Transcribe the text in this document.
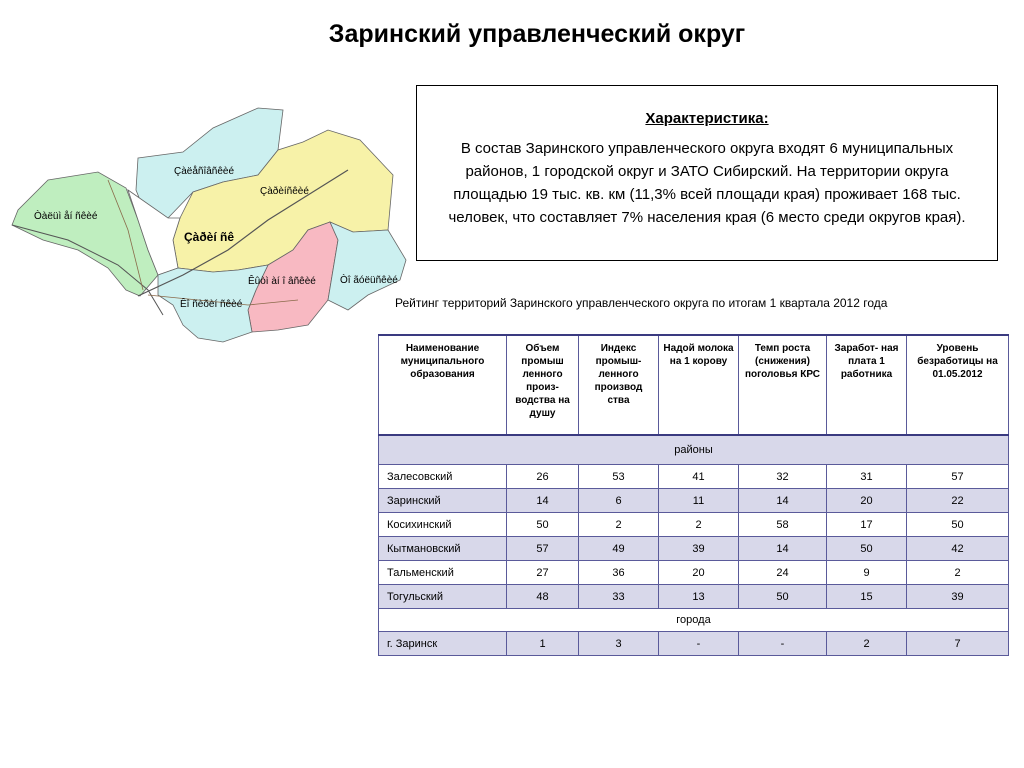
Заринский управленческий округ
Çàëåñîâñêèé
Çàðèíñêèé
Òàëüì åí ñêèé
Çàðèí ñê
Êûòì àí î âñêèé Òî ãóëüñêèé
Êî ñèõèí ñêèé
Характеристика:
В состав Заринского управленческого округа входят 6 муниципальных районов, 1 городской округ и ЗАТО Сибирский. На территории округа площадью 19 тыс. кв. км (11,3% всей площади края) проживает 168 тыс. человек, что составляет 7% населения края (6 место среди округов края).
Рейтинг территорий Заринского управленческого округа по итогам 1 квартала 2012 года
Наименование муниципального образования	Объем промыш ленного произ- водства на душу	Индекс промыш- ленного производ ства	Надой молока на 1 корову	Темп роста (снижения) поголовья КРС	Заработ- ная плата 1 работника	Уровень безработицы на 01.05.2012
районы						
Залесовский	26	53	41	32	31	57
Заринский	14	6	11	14	20	22
Косихинский	50	2	2	58	17	50
Кытмановский	57	49	39	14	50	42
Тальменский	27	36	20	24	9	2
Тогульский	48	33	13	50	15	39
города						
г. Заринск	1	3	-	-	2	7
